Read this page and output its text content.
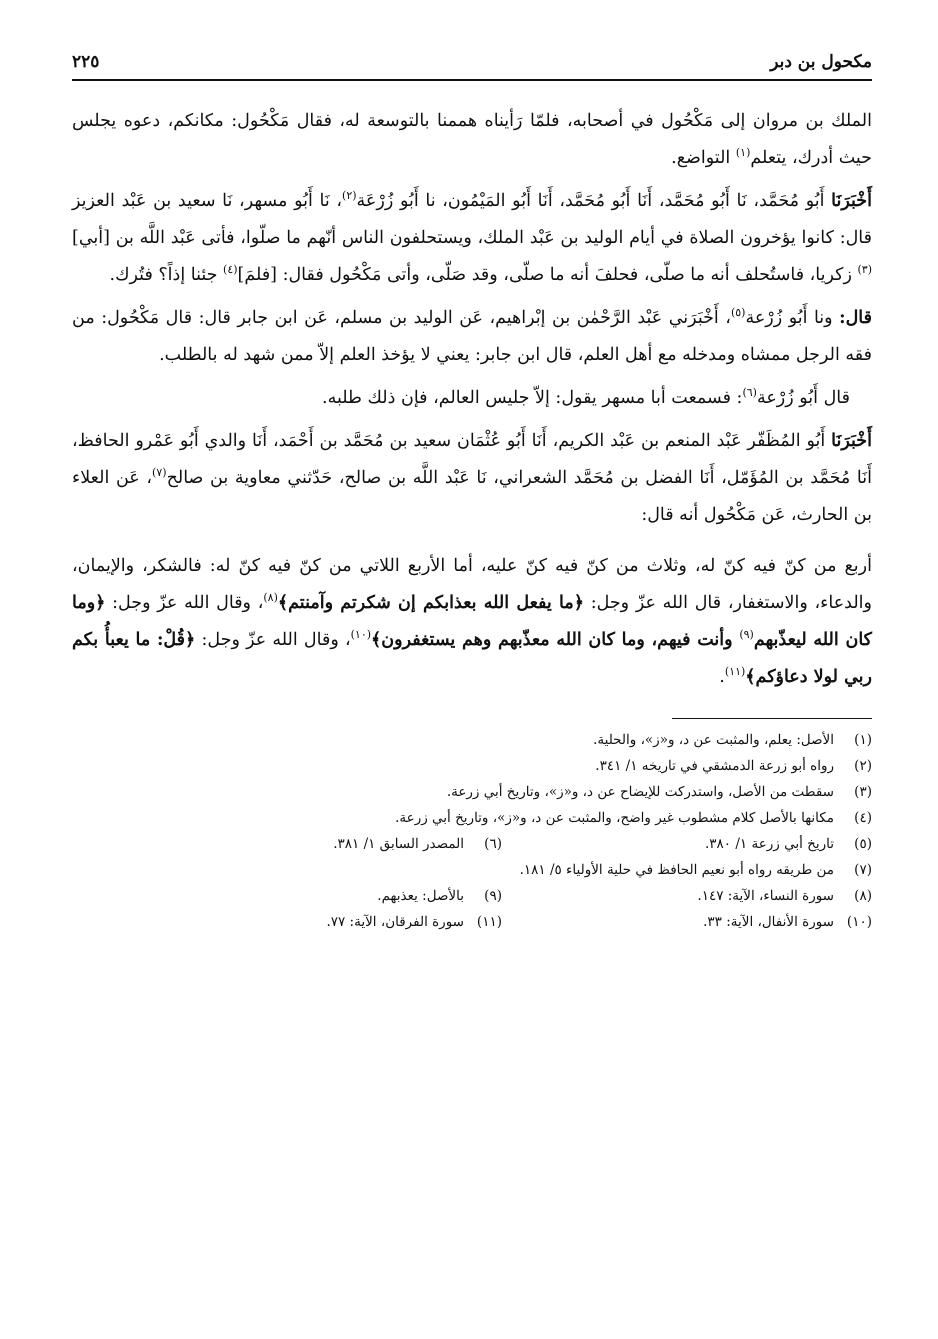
مكحول بن دبر
٢٢٥

الملك بن مروان إلى مَكْحُول في أصحابه، فلمّا رَأيناه هممنا بالتوسعة له، فقال مَكْحُول: مكانكم، دعوه يجلس حيث أدرك، يتعلم$^{(١)}$ التواضع.

أَخْبَرَنَا أَبُو مُحَمَّد، نَا أَبُو مُحَمَّد، أَنَا أَبُو مُحَمَّد، أَنَا أَبُو المَيْمُون، نا أَبُو زُرْعَة$^{(٢)}$، نَا أَبُو مسهر، نَا سعيد بن عَبْد العزيز قال: كانوا يؤخرون الصلاة في أيام الوليد بن عَبْد الملك، ويستحلفون الناس أنّهم ما صلّوا، فأتى عَبْد اللَّه بن [أبي]$^{(٣)}$ زكريا، فاستُحلف أنه ما صلّى، فحلفَ أنه ما صلّى، وقد صَلّى، وأتى مَكْحُول فقال: [فلمَ]$^{(٤)}$ جئنا إذاً؟ فتُرك.

قال: ونا أَبُو زُرْعة$^{(٥)}$، أَخْبَرَني عَبْد الرَّحْمٰن بن إبْراهيم، عَن الوليد بن مسلم، عَن ابن جابر قال: قال مَكْحُول: من فقه الرجل ممشاه ومدخله مع أهل العلم، قال ابن جابر: يعني لا يؤخذ العلم إلاّ ممن شهد له بالطلب.

قال أَبُو زُرْعة$^{(٦)}$: فسمعت أبا مسهر يقول: إلاّ جليس العالم، فإن ذلك طلبه.

أَخْبَرَنَا أَبُو المُظَفّر عَبْد المنعم بن عَبْد الكريم، أَنَا أَبُو عُثْمَان سعيد بن مُحَمَّد بن أَحْمَد، أَنَا والدي أَبُو عَمْرو الحافظ، أَنَا مُحَمَّد بن المُؤَمّل، أَنَا الفضل بن مُحَمَّد الشعراني، نَا عَبْد اللَّه بن صالح، حَدّثني معاوية بن صالح$^{(٧)}$، عَن العلاء بن الحارث، عَن مَكْحُول أنه قال:

أربع من كنّ فيه كنّ له، وثلاث من كنّ فيه كنّ عليه، أما الأربع اللاتي من كنّ فيه كنّ له: فالشكر، والإيمان، والدعاء، والاستغفار، قال الله عزّ وجل: ﴿ما يفعل الله بعذابكم إن شكرتم وآمنتم﴾$^{(٨)}$، وقال الله عزّ وجل: ﴿وما كان الله ليعذّبهم$^{(٩)}$ وأنت فيهم، وما كان الله معذّبهم وهم يستغفرون﴾$^{(١٠)}$، وقال الله عزّ وجل: ﴿قُلْ: ما يعبأُ بكم ربي لولا دعاؤكم﴾$^{(١١)}$.

(١)
الأصل: يعلم، والمثبت عن د، و«ز»، والحلية.
(٢)
رواه أبو زرعة الدمشقي في تاريخه ١/ ٣٤١.
(٣)
سقطت من الأصل، واستدركت للإيضاح عن د، و«ز»، وتاريخ أبي زرعة.
(٤)
مكانها بالأصل كلام مشطوب غير واضح، والمثبت عن د، و«ز»، وتاريخ أبي زرعة.
(٥)
تاريخ أبي زرعة ١/ ٣٨٠.
(٦)
المصدر السابق ١/ ٣٨١.
(٧)
من طريقه رواه أبو نعيم الحافظ في حلية الأولياء ٥/ ١٨١.
(٨)
سورة النساء، الآية: ١٤٧.
(٩)
بالأصل: يعذبهم.
(١٠)
سورة الأنفال، الآية: ٣٣.
(١١)
سورة الفرقان، الآية: ٧٧.
